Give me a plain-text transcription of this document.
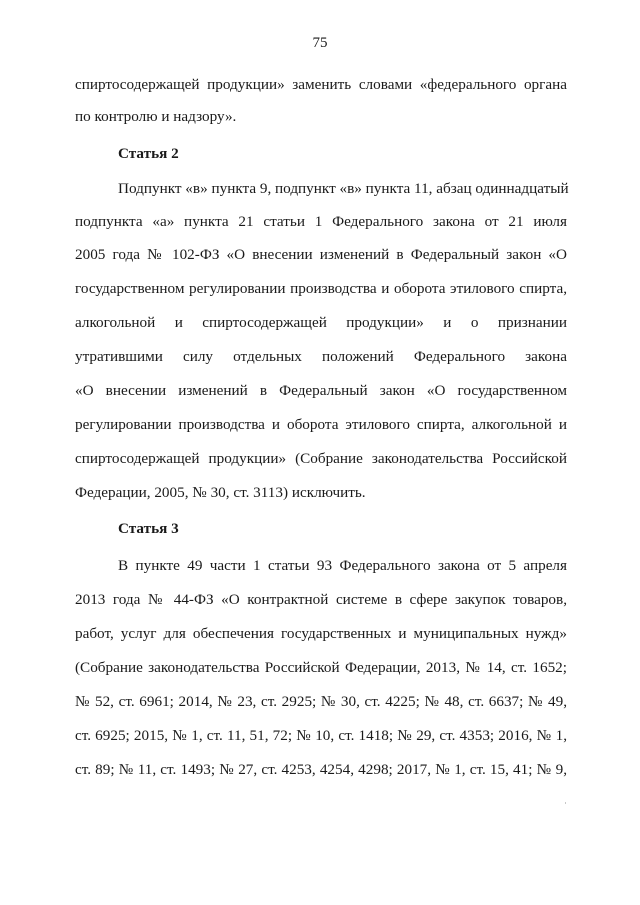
75
спиртосодержащей продукции» заменить словами «федерального органа
по контролю и надзору».
Статья 2
Подпункт «в» пункта 9, подпункт «в» пункта 11, абзац одиннадцатый
подпункта «а» пункта 21 статьи 1 Федерального закона от 21 июля
2005 года № 102-ФЗ «О внесении изменений в Федеральный закон «О
государственном регулировании производства и оборота этилового спирта,
алкогольной и спиртосодержащей продукции» и о признании
утратившими силу отдельных положений Федерального закона
«О внесении изменений в Федеральный закон «О государственном
регулировании производства и оборота этилового спирта, алкогольной и
спиртосодержащей продукции» (Собрание законодательства Российской
Федерации, 2005, № 30, ст. 3113) исключить.
Статья 3
В пункте 49 части 1 статьи 93 Федерального закона от 5 апреля
2013 года № 44-ФЗ «О контрактной системе в сфере закупок товаров,
работ, услуг для обеспечения государственных и муниципальных нужд»
(Собрание законодательства Российской Федерации, 2013, № 14, ст. 1652;
№ 52, ст. 6961; 2014, № 23, ст. 2925; № 30, ст. 4225; № 48, ст. 6637; № 49,
ст. 6925; 2015, № 1, ст. 11, 51, 72; № 10, ст. 1418; № 29, ст. 4353; 2016, № 1,
ст. 89; № 11, ст. 1493; № 27, ст. 4253, 4254, 4298; 2017, № 1, ст. 15, 41; № 9,
